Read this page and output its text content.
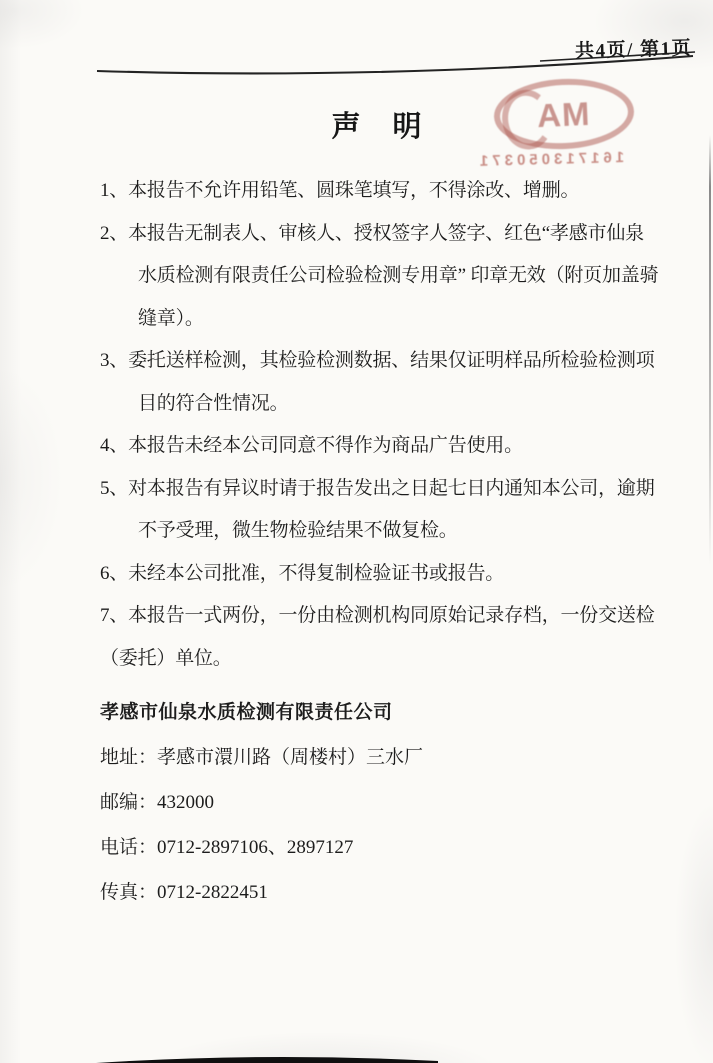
共4页/ 第1页
声 明	MA
161713050371
1、本报告不允许用铅笔、圆珠笔填写，不得涂改、增删。
2、本报告无制表人、审核人、授权签字人签字、红色“孝感市仙泉
水质检测有限责任公司检验检测专用章” 印章无效（附页加盖骑
缝章）。
3、委托送样检测，其检验检测数据、结果仅证明样品所检验检测项
目的符合性情况。
4、本报告未经本公司同意不得作为商品广告使用。
5、对本报告有异议时请于报告发出之日起七日内通知本公司，逾期
不予受理，微生物检验结果不做复检。
6、未经本公司批准，不得复制检验证书或报告。
7、本报告一式两份，一份由检测机构同原始记录存档，一份交送检
（委托）单位。
孝感市仙泉水质检测有限责任公司
地址：孝感市澴川路（周楼村）三水厂
邮编：432000
电话：0712-2897106、2897127
传真：0712-2822451
